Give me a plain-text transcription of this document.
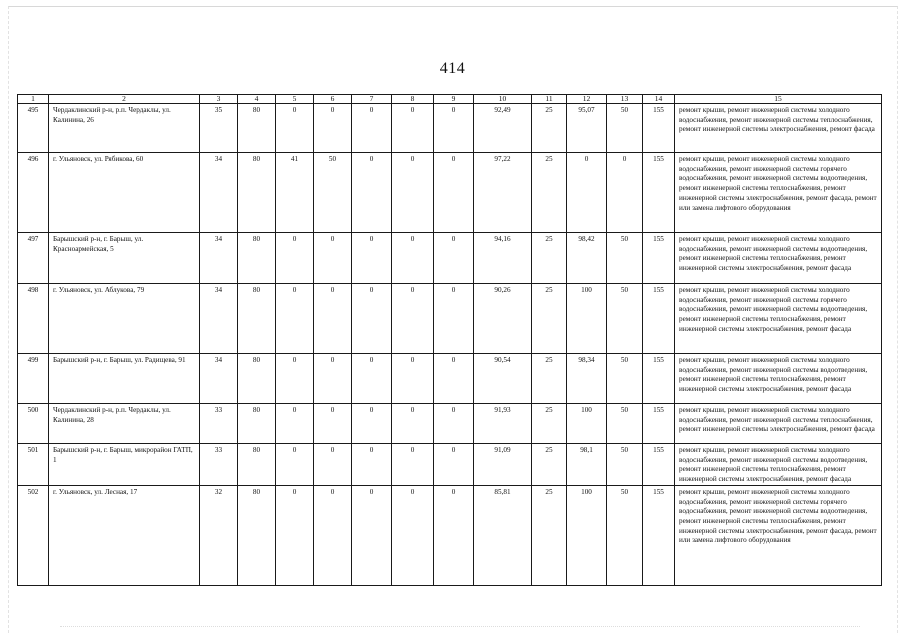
414
1	2	3	4	5	6	7	8	9	10	11	12	13	14	15
495	Чердаклинский р-н, р.п. Чердаклы, ул. Калинина, 26	35	80	0	0	0	0	0	92,49	25	95,07	50	155	ремонт крыши, ремонт инженерной системы холодного водоснабжения, ремонт инженерной системы теплоснабжения, ремонт инженерной системы электроснабжения, ремонт фасада
496	г. Ульяновск, ул. Рябикова, 60	34	80	41	50	0	0	0	97,22	25	0	0	155	ремонт крыши, ремонт инженерной системы холодного водоснабжения, ремонт инженерной системы горячего водоснабжения, ремонт инженерной системы водоотведения, ремонт инженерной системы теплоснабжения, ремонт инженерной системы электроснабжения, ремонт фасада, ремонт или замена лифтового оборудования
497	Барышский р-н, г. Барыш, ул. Красноармейская, 5	34	80	0	0	0	0	0	94,16	25	98,42	50	155	ремонт крыши, ремонт инженерной системы холодного водоснабжения, ремонт инженерной системы водоотведения, ремонт инженерной системы теплоснабжения, ремонт инженерной системы электроснабжения, ремонт фасада
498	г. Ульяновск, ул. Аблукова, 79	34	80	0	0	0	0	0	90,26	25	100	50	155	ремонт крыши, ремонт инженерной системы холодного водоснабжения, ремонт инженерной системы горячего водоснабжения, ремонт инженерной системы водоотведения, ремонт инженерной системы теплоснабжения, ремонт инженерной системы электроснабжения, ремонт фасада
499	Барышский р-н, г. Барыш, ул. Радищева, 91	34	80	0	0	0	0	0	90,54	25	98,34	50	155	ремонт крыши, ремонт инженерной системы холодного водоснабжения, ремонт инженерной системы водоотведения, ремонт инженерной системы теплоснабжения, ремонт инженерной системы электроснабжения, ремонт фасада
500	Чердаклинский р-н, р.п. Чердаклы, ул. Калинина, 28	33	80	0	0	0	0	0	91,93	25	100	50	155	ремонт крыши, ремонт инженерной системы холодного водоснабжения, ремонт инженерной системы теплоснабжения, ремонт инженерной системы электроснабжения, ремонт фасада
501	Барышский р-н, г. Барыш, микрорайон ГАТП, 1	33	80	0	0	0	0	0	91,09	25	98,1	50	155	ремонт крыши, ремонт инженерной системы холодного водоснабжения, ремонт инженерной системы водоотведения, ремонт инженерной системы теплоснабжения, ремонт инженерной системы электроснабжения, ремонт фасада
502	г. Ульяновск, ул. Лесная, 17	32	80	0	0	0	0	0	85,81	25	100	50	155	ремонт крыши, ремонт инженерной системы холодного водоснабжения, ремонт инженерной системы горячего водоснабжения, ремонт инженерной системы водоотведения, ремонт инженерной системы теплоснабжения, ремонт инженерной системы электроснабжения, ремонт фасада, ремонт или замена лифтового оборудования
